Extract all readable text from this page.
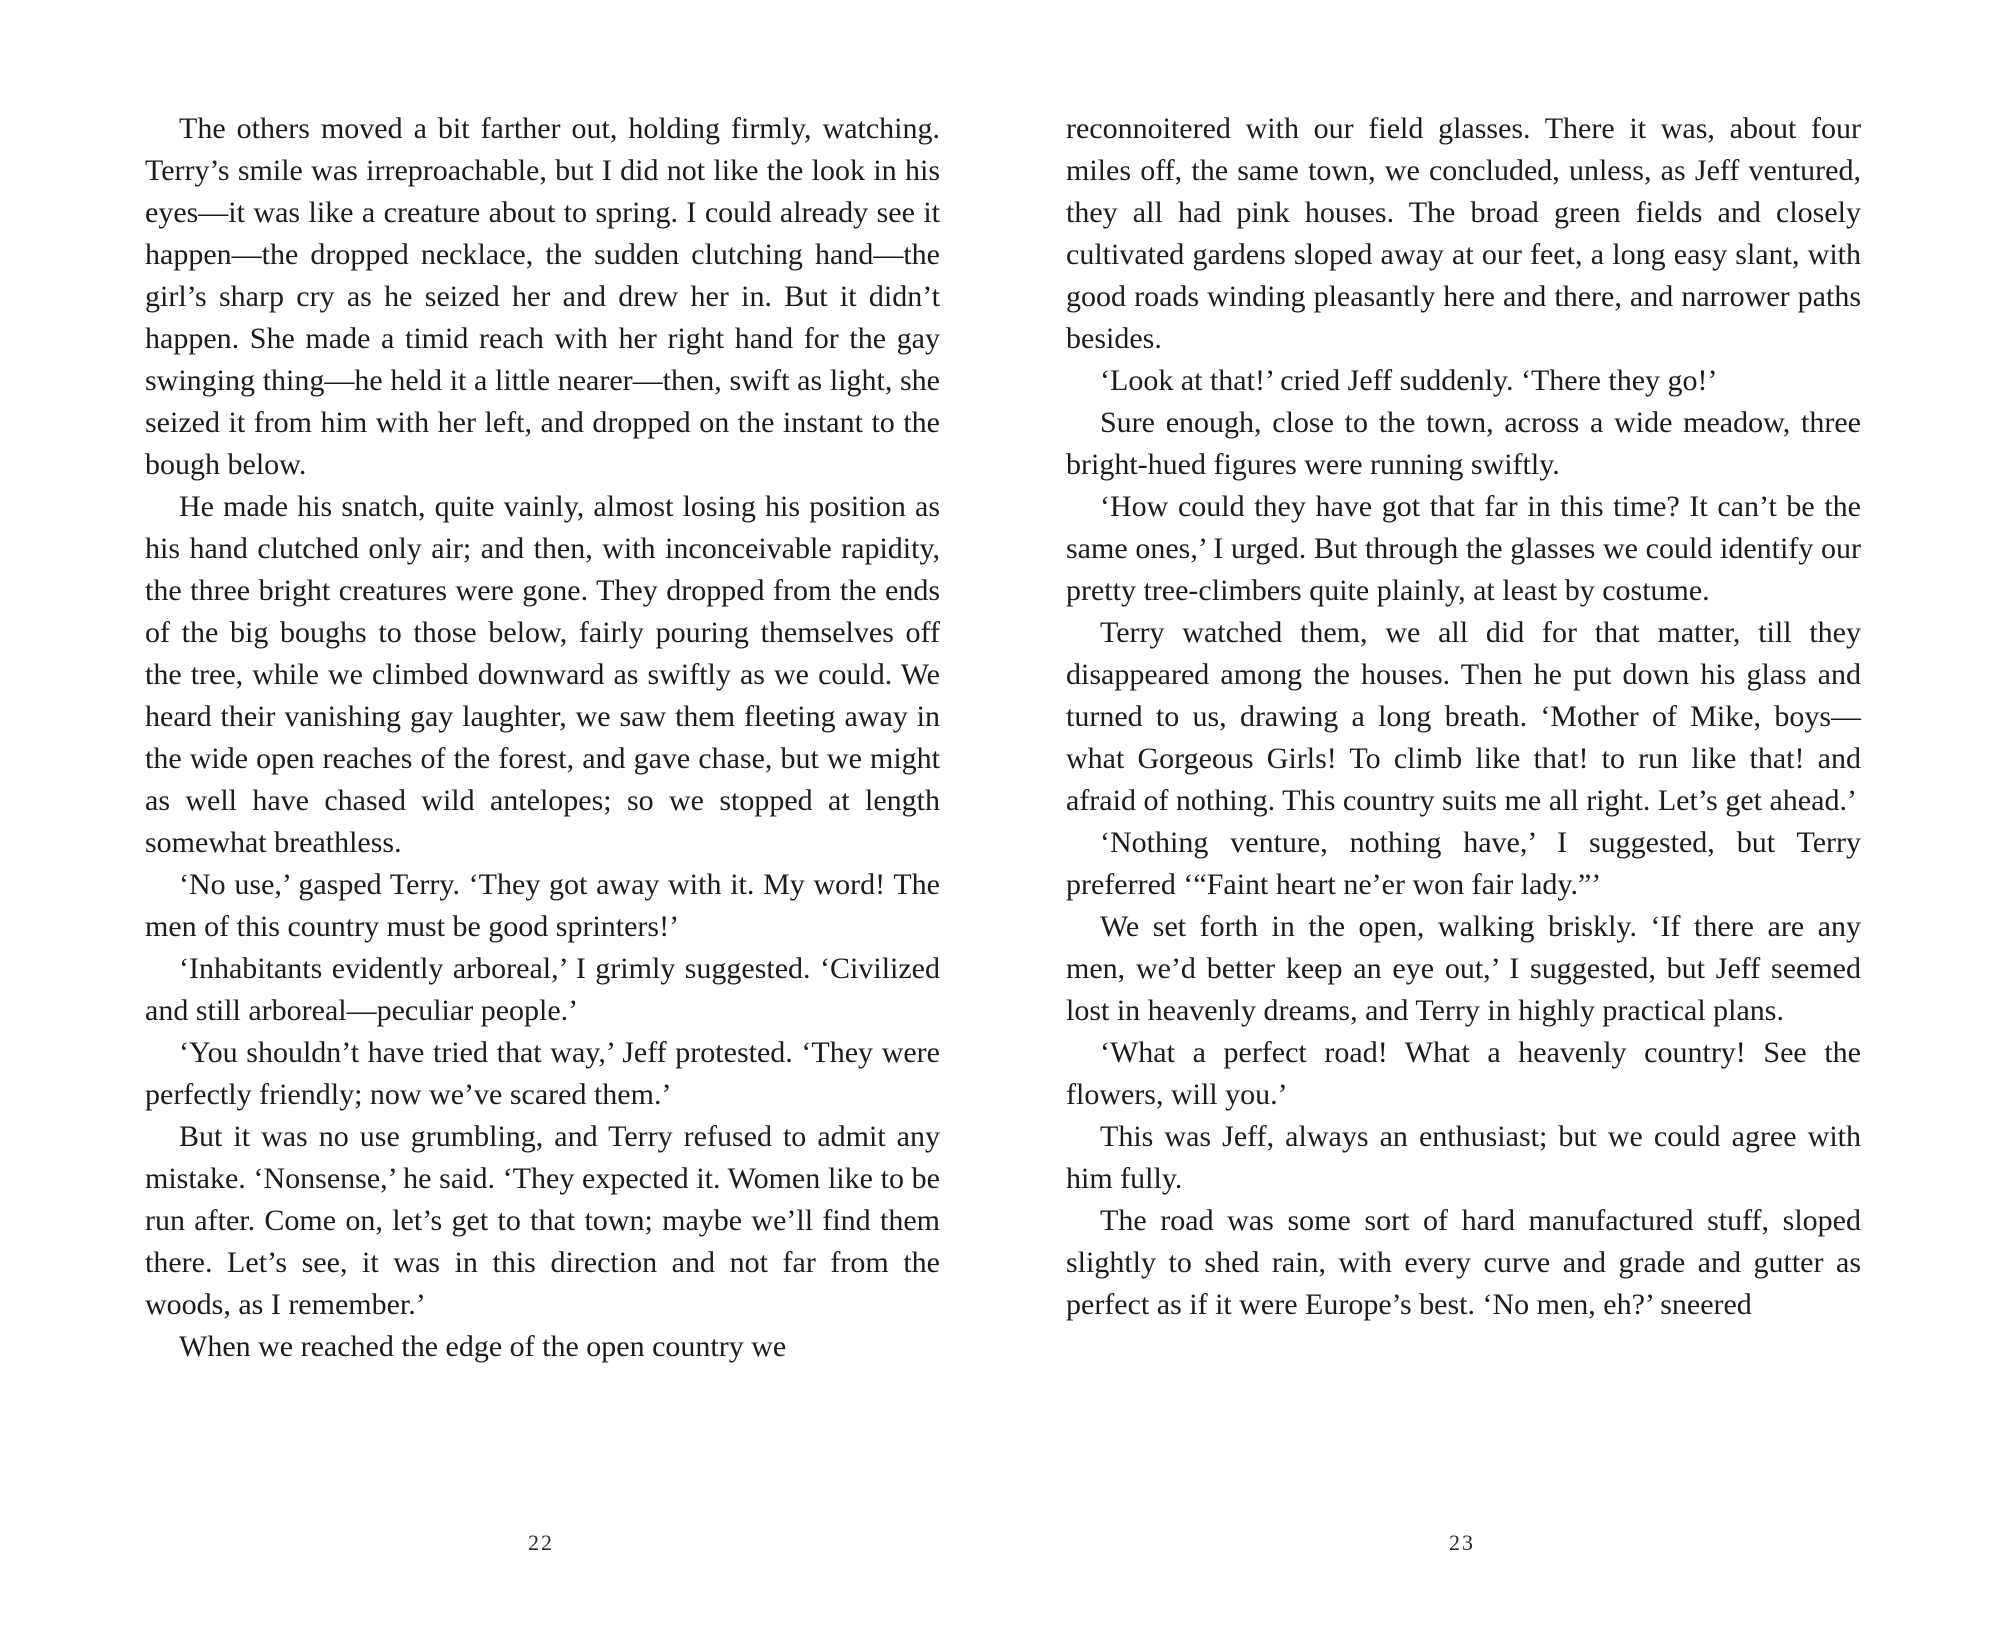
The others moved a bit farther out, holding firmly, watching. Terry’s smile was irreproachable, but I did not like the look in his eyes—it was like a creature about to spring. I could already see it happen—the dropped necklace, the sudden clutching hand—the girl’s sharp cry as he seized her and drew her in. But it didn’t happen. She made a timid reach with her right hand for the gay swinging thing—he held it a little nearer—then, swift as light, she seized it from him with her left, and dropped on the instant to the bough below.

He made his snatch, quite vainly, almost losing his position as his hand clutched only air; and then, with inconceivable rapidity, the three bright creatures were gone. They dropped from the ends of the big boughs to those below, fairly pouring themselves off the tree, while we climbed downward as swiftly as we could. We heard their vanishing gay laughter, we saw them fleeting away in the wide open reaches of the forest, and gave chase, but we might as well have chased wild antelopes; so we stopped at length somewhat breathless.

‘No use,’ gasped Terry. ‘They got away with it. My word! The men of this country must be good sprinters!’

‘Inhabitants evidently arboreal,’ I grimly suggested. ‘Civilized and still arboreal—peculiar people.’

‘You shouldn’t have tried that way,’ Jeff protested. ‘They were perfectly friendly; now we’ve scared them.’

But it was no use grumbling, and Terry refused to admit any mistake. ‘Nonsense,’ he said. ‘They expected it. Women like to be run after. Come on, let’s get to that town; maybe we’ll find them there. Let’s see, it was in this direction and not far from the woods, as I remember.’

When we reached the edge of the open country we

reconnoitered with our field glasses. There it was, about four miles off, the same town, we concluded, unless, as Jeff ventured, they all had pink houses. The broad green fields and closely cultivated gardens sloped away at our feet, a long easy slant, with good roads winding pleasantly here and there, and narrower paths besides.

‘Look at that!’ cried Jeff suddenly. ‘There they go!’

Sure enough, close to the town, across a wide meadow, three bright-hued figures were running swiftly.

‘How could they have got that far in this time? It can’t be the same ones,’ I urged. But through the glasses we could identify our pretty tree-climbers quite plainly, at least by costume.

Terry watched them, we all did for that matter, till they disappeared among the houses. Then he put down his glass and turned to us, drawing a long breath. ‘Mother of Mike, boys—what Gorgeous Girls! To climb like that! to run like that! and afraid of nothing. This country suits me all right. Let’s get ahead.’

‘Nothing venture, nothing have,’ I suggested, but Terry preferred ‘“Faint heart ne’er won fair lady.”’

We set forth in the open, walking briskly. ‘If there are any men, we’d better keep an eye out,’ I suggested, but Jeff seemed lost in heavenly dreams, and Terry in highly practical plans.

‘What a perfect road! What a heavenly country! See the flowers, will you.’

This was Jeff, always an enthusiast; but we could agree with him fully.

The road was some sort of hard manufactured stuff, sloped slightly to shed rain, with every curve and grade and gutter as perfect as if it were Europe’s best. ‘No men, eh?’ sneered

22	23
